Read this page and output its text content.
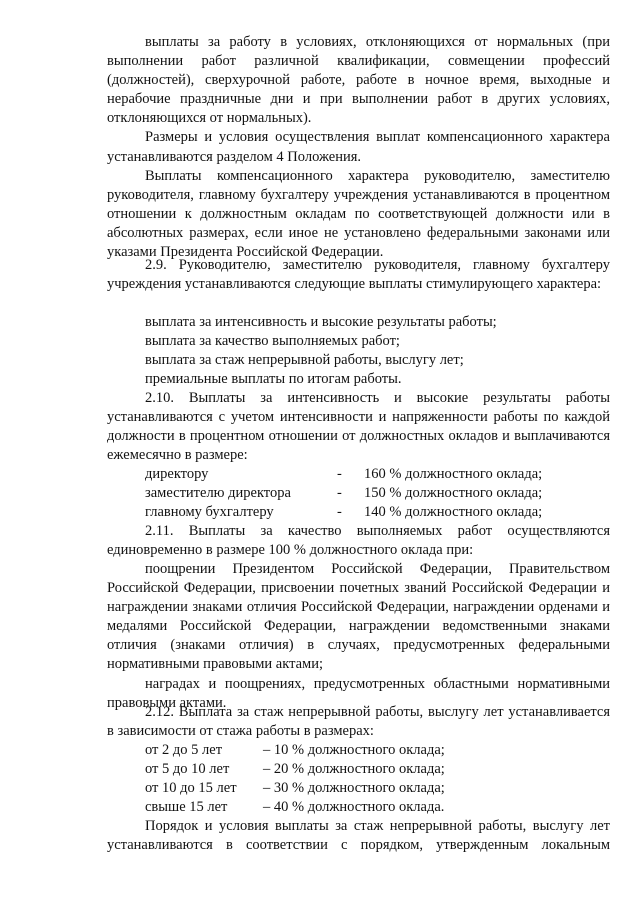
выплаты за работу в условиях, отклоняющихся от нормальных (при выполнении работ различной квалификации, совмещении профессий (должностей), сверхурочной работе, работе в ночное время, выходные и нерабочие праздничные дни и при выполнении работ в других условиях, отклоняющихся от нормальных).

Размеры и условия осуществления выплат компенсационного характера устанавливаются разделом 4 Положения.

Выплаты компенсационного характера руководителю, заместителю руководителя, главному бухгалтеру учреждения устанавливаются в процентном отношении к должностным окладам по соответствующей должности или в абсолютных размерах, если иное не установлено федеральными законами или указами Президента Российской Федерации.

2.9. Руководителю, заместителю руководителя, главному бухгалтеру учреждения устанавливаются следующие выплаты стимулирующего характера:

выплата за интенсивность и высокие результаты работы;

выплата за качество выполняемых работ;

выплата за стаж непрерывной работы, выслугу лет;

премиальные выплаты по итогам работы.

2.10. Выплаты за интенсивность и высокие результаты работы устанавливаются с учетом интенсивности и напряженности работы по каждой должности в процентном отношении от должностных окладов и выплачиваются ежемесячно в размере:

директору	-	160 % должностного оклада;
заместителю директора	-	150 % должностного оклада;
главному бухгалтеру	-	140 % должностного оклада;

2.11. Выплаты за качество выполняемых работ осуществляются единовременно в размере 100 % должностного оклада при:

поощрении Президентом Российской Федерации, Правительством Российской Федерации, присвоении почетных званий Российской Федерации и награждении знаками отличия Российской Федерации, награждении орденами и медалями Российской Федерации, награждении ведомственными знаками отличия (знаками отличия) в случаях, предусмотренных федеральными нормативными правовыми актами;

наградах и поощрениях, предусмотренных областными нормативными правовыми актами.

2.12. Выплата за стаж непрерывной работы, выслугу лет устанавливается в зависимости от стажа работы в размерах:

от 2 до 5 лет	– 10 % должностного оклада;
от 5 до 10 лет	– 20 % должностного оклада;
от 10 до 15 лет	– 30 % должностного оклада;
свыше 15 лет	– 40 % должностного оклада.

Порядок и условия выплаты за стаж непрерывной работы, выслугу лет устанавливаются в соответствии с порядком, утвержденным локальным
